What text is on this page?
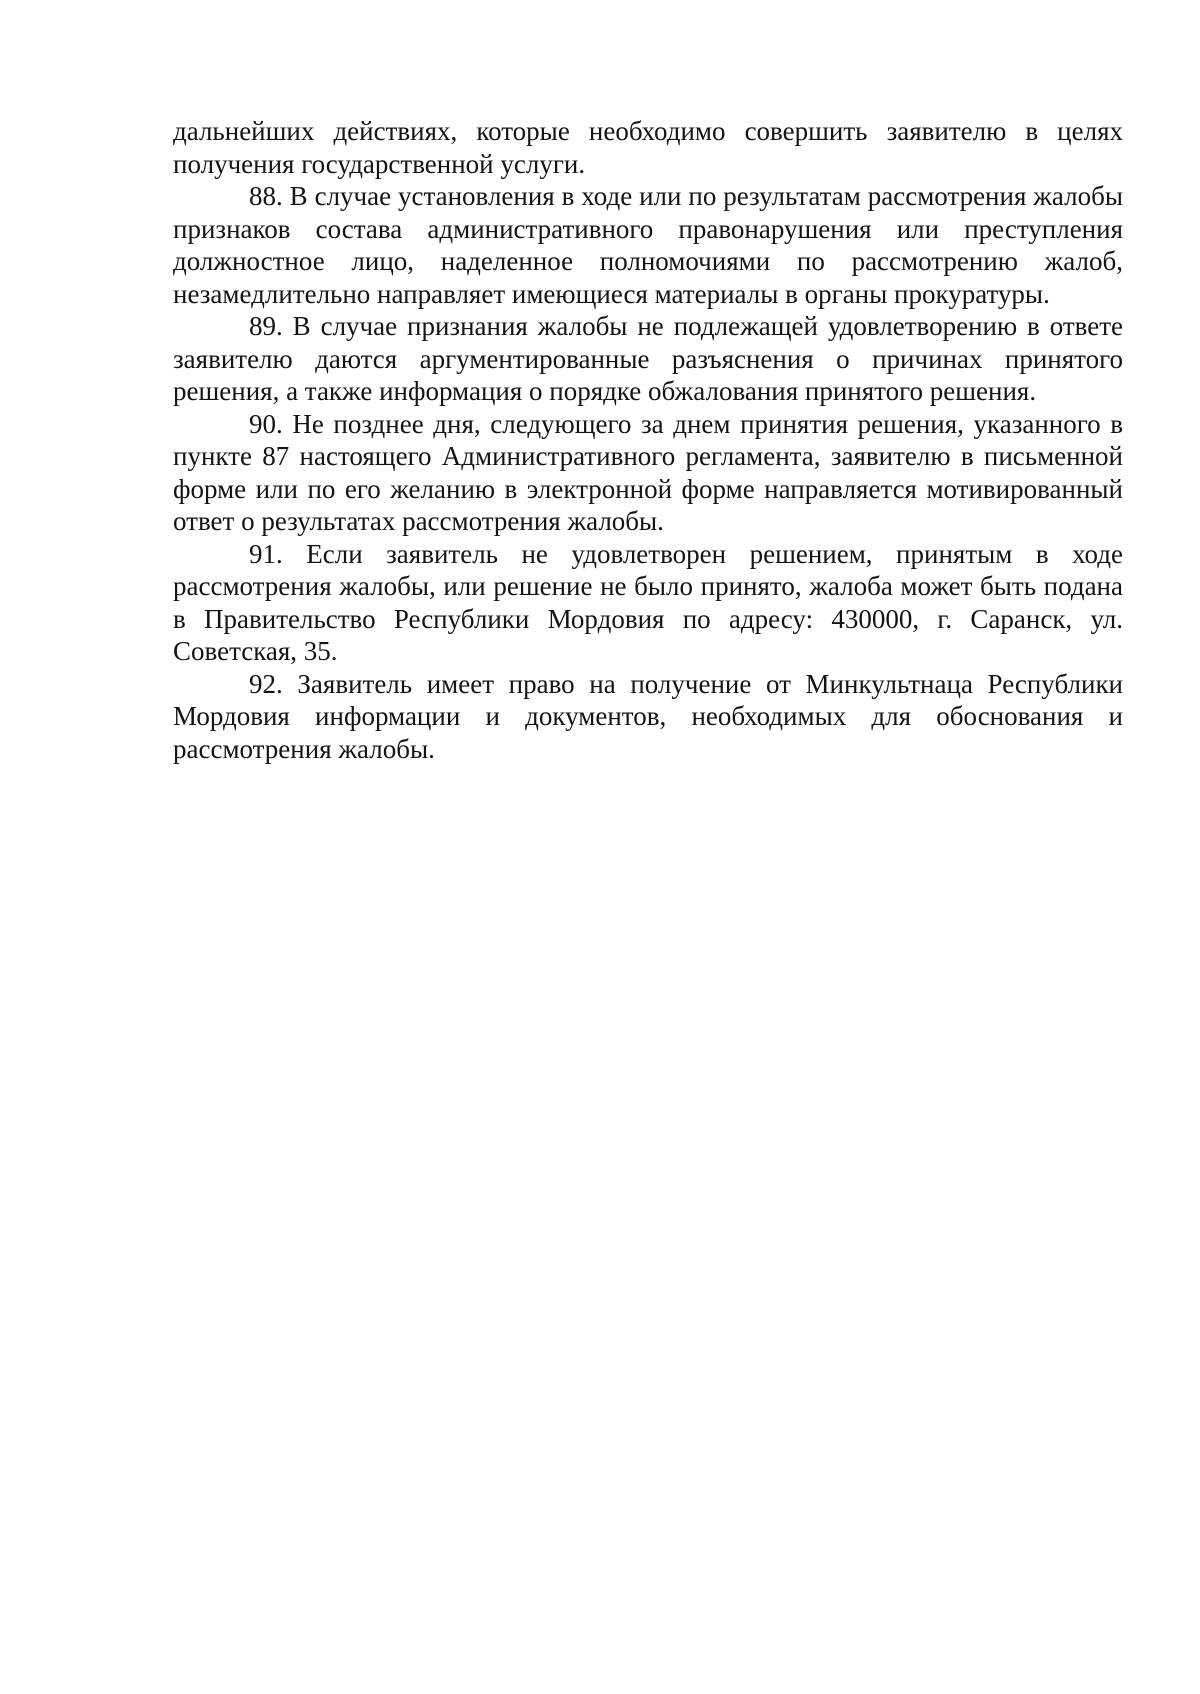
дальнейших действиях, которые необходимо совершить заявителю в целях получения государственной услуги.

88. В случае установления в ходе или по результатам рассмотрения жалобы признаков состава административного правонарушения или преступления должностное лицо, наделенное полномочиями по рассмотрению жалоб, незамедлительно направляет имеющиеся материалы в органы прокуратуры.

89. В случае признания жалобы не подлежащей удовлетворению в ответе заявителю даются аргументированные разъяснения о причинах принятого решения, а также информация о порядке обжалования принятого решения.

90. Не позднее дня, следующего за днем принятия решения, указанного в пункте 87 настоящего Административного регламента, заявителю в письменной форме или по его желанию в электронной форме направляется мотивированный ответ о результатах рассмотрения жалобы.

91. Если заявитель не удовлетворен решением, принятым в ходе рассмотрения жалобы, или решение не было принято, жалоба может быть подана в Правительство Республики Мордовия по адресу: 430000, г. Саранск, ул. Советская, 35.

92. Заявитель имеет право на получение от Минкультнаца Республики Мордовия информации и документов, необходимых для обоснования и рассмотрения жалобы.
